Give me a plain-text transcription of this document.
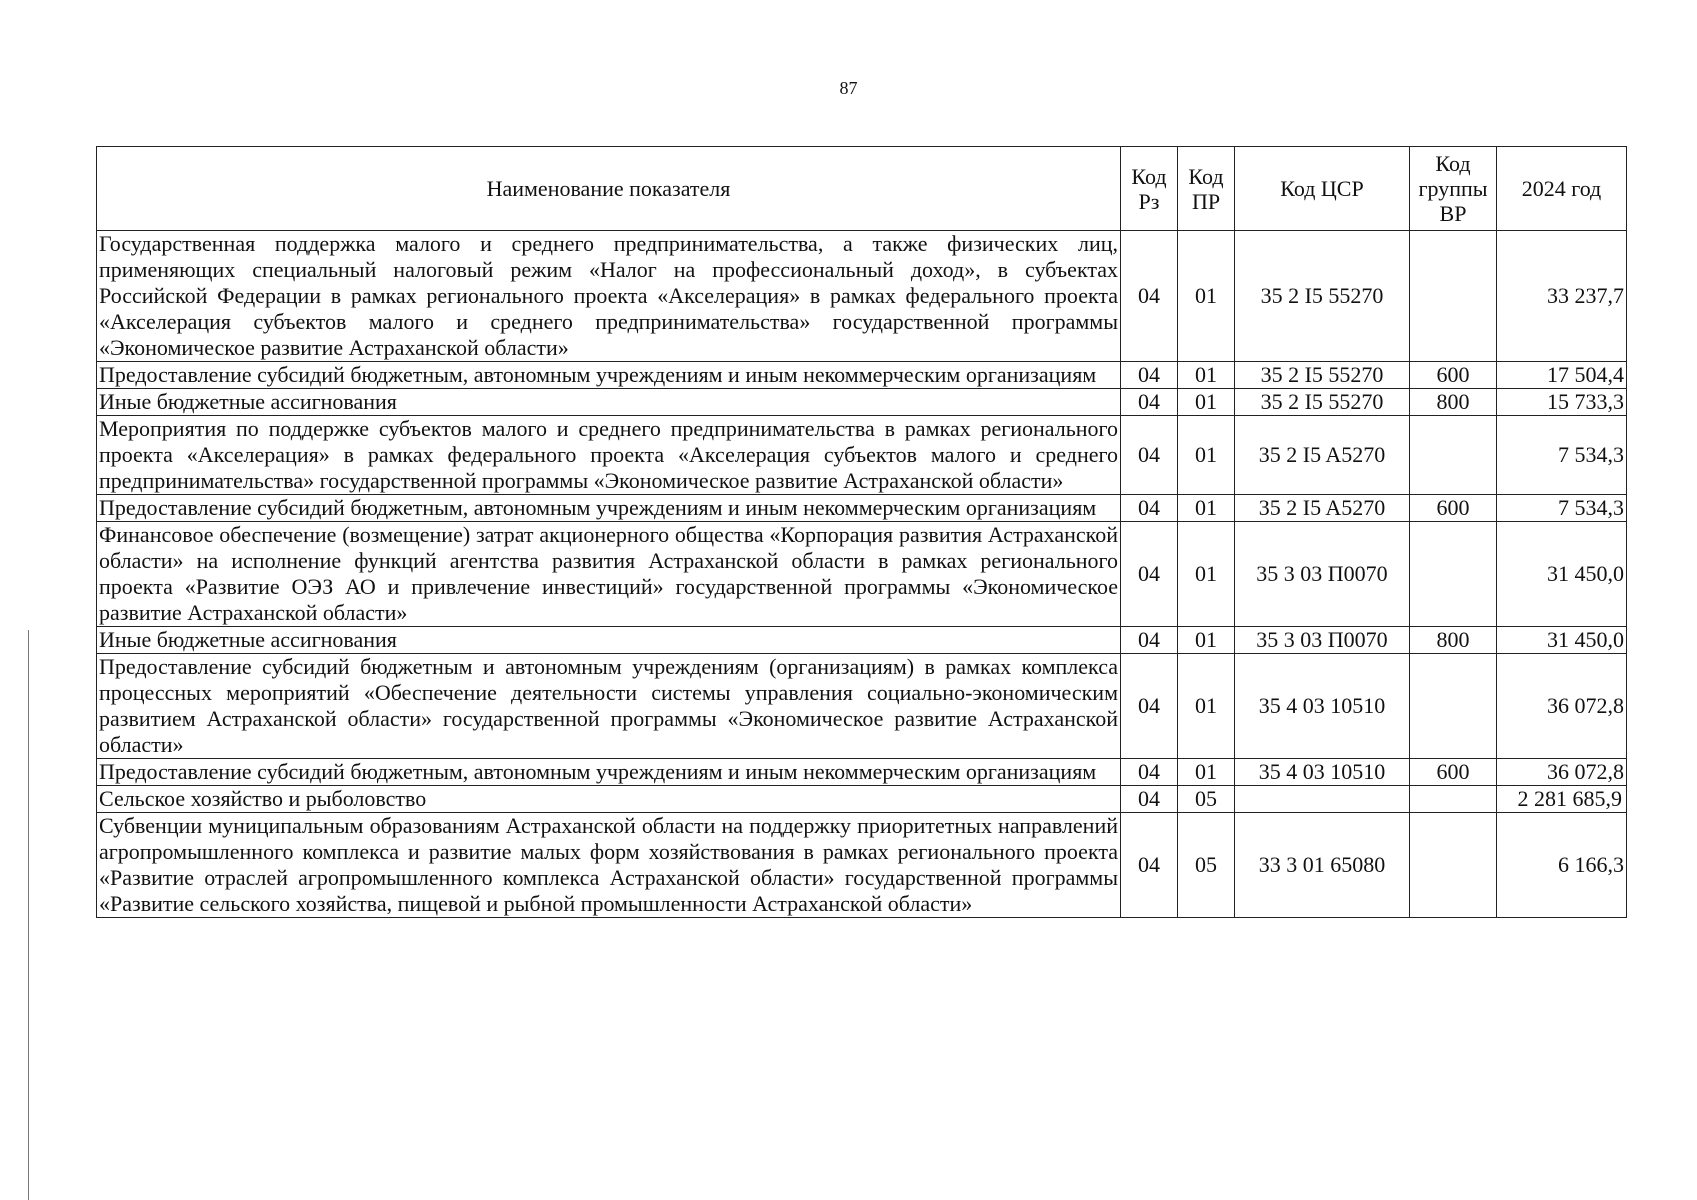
87
Наименование показателя	Код Рз	Код ПР	Код ЦСР	Код группы ВР	2024 год
Государственная поддержка малого и среднего предпринимательства, а также физических лиц, применяющих специальный налоговый режим «Налог на профессиональный доход», в субъектах Российской Федерации в рамках регионального проекта «Акселерация» в рамках федерального проекта «Акселерация субъектов малого и среднего предпринимательства» государственной программы «Экономическое развитие Астраханской области»	04	01	35 2 I5 55270		33 237,7
Предоставление субсидий бюджетным, автономным учреждениям и иным некоммерческим организациям	04	01	35 2 I5 55270	600	17 504,4
Иные бюджетные ассигнования	04	01	35 2 I5 55270	800	15 733,3
Мероприятия по поддержке субъектов малого и среднего предпринимательства в рамках регионального проекта «Акселерация» в рамках федерального проекта «Акселерация субъектов малого и среднего предпринимательства» государственной программы «Экономическое развитие Астраханской области»	04	01	35 2 I5 A5270		7 534,3
Предоставление субсидий бюджетным, автономным учреждениям и иным некоммерческим организациям	04	01	35 2 I5 A5270	600	7 534,3
Финансовое обеспечение (возмещение) затрат акционерного общества «Корпорация развития Астраханской области» на исполнение функций агентства развития Астраханской области в рамках регионального проекта «Развитие ОЭЗ АО и привлечение инвестиций» государственной программы «Экономическое развитие Астраханской области»	04	01	35 3 03 П0070		31 450,0
Иные бюджетные ассигнования	04	01	35 3 03 П0070	800	31 450,0
Предоставление субсидий бюджетным и автономным учреждениям (организациям) в рамках комплекса процессных мероприятий «Обеспечение деятельности системы управления социально-экономическим развитием Астраханской области» государственной программы «Экономическое развитие Астраханской области»	04	01	35 4 03 10510		36 072,8
Предоставление субсидий бюджетным, автономным учреждениям и иным некоммерческим организациям	04	01	35 4 03 10510	600	36 072,8
Сельское хозяйство и рыболовство	04	05			2 281 685,9
Субвенции муниципальным образованиям Астраханской области на поддержку приоритетных направлений агропромышленного комплекса и развитие малых форм хозяйствования в рамках регионального проекта «Развитие отраслей агропромышленного комплекса Астраханской области» государственной программы «Развитие сельского хозяйства, пищевой и рыбной промышленности Астраханской области»	04	05	33 3 01 65080		6 166,3
